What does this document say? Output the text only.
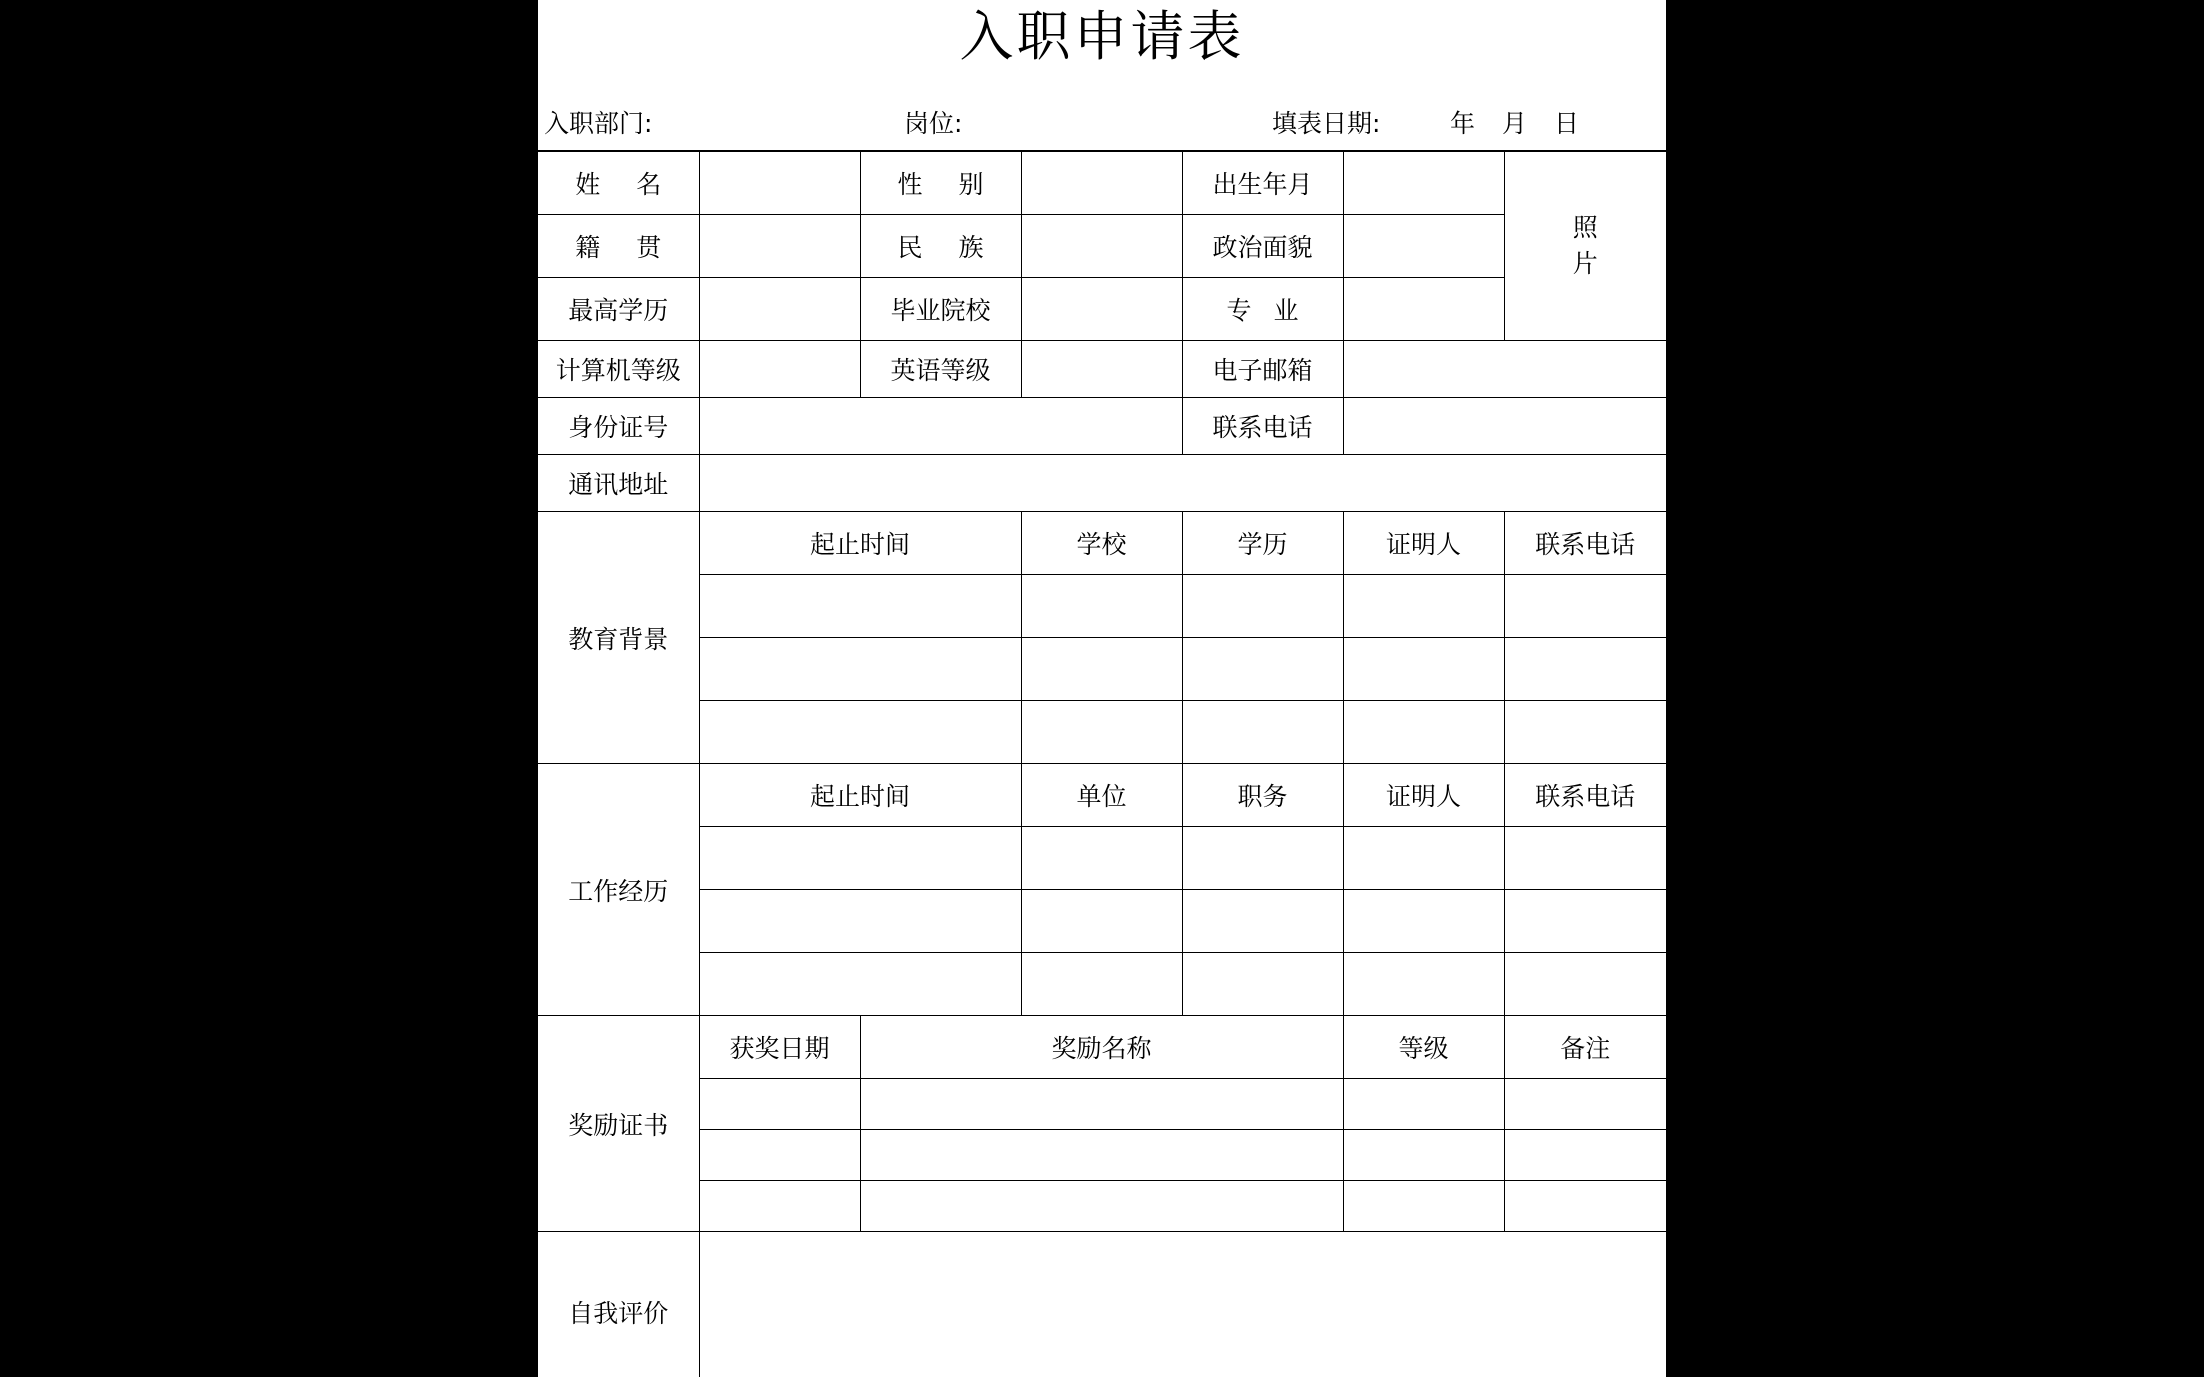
入职申请表
入职部门:	岗位:	填表日期:	年 月 日
姓名		性别		出生年月		照片
籍贯		民族		政治面貌		
最高学历		毕业院校		专业		
计算机等级		英语等级		电子邮箱		
身份证号				联系电话		
通讯地址						
教育背景	起止时间		学校	学历	证明人	联系电话

工作经历	起止时间		单位	职务	证明人	联系电话

奖励证书	获奖日期	奖励名称			等级	备注

自我评价						
